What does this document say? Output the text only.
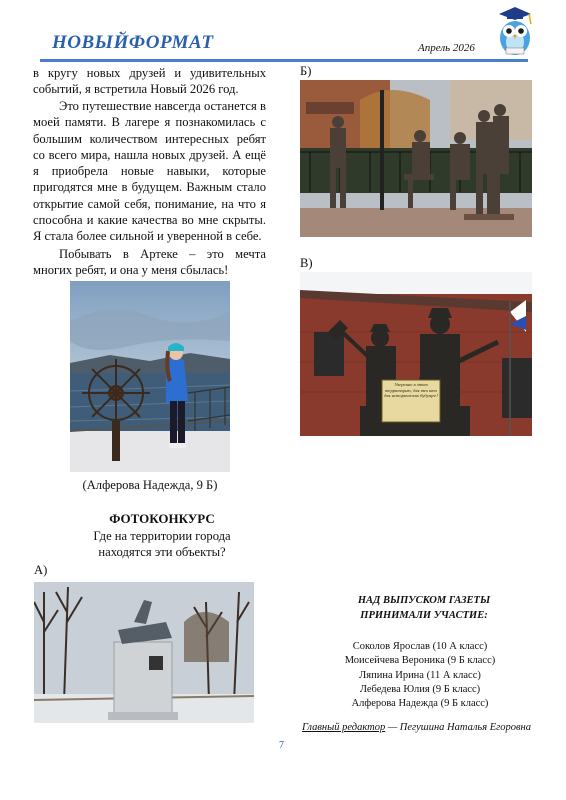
НОВЫЙФОРМАТ	Апрель 2026
в кругу новых друзей и удивительных событий, я встретила Новый 2026 год.
Это путешествие навсегда останется в моей памяти. В лагере я познакомилась с большим количеством интересных ребят со всего мира, нашла новых друзей. А ещё я приобрела новые навыки, которые пригодятся мне в будущем. Важным стало открытие самой себя, понимание, на что я способна и какие качества во мне скрыты. Я стала более сильной и уверенной в себе.
Побывать в Артеке – это мечта многих ребят, и она у меня сбылась!
(Алферова Надежда, 9 Б)
ФОТОКОНКУРС
Где на территории города находятся эти объекты?
А)
Б)
В)
Уверенно в этот территорию, для тех кто для исторических будущее!
НАД ВЫПУСКОМ ГАЗЕТЫ ПРИНИМАЛИ УЧАСТИЕ:
Соколов Ярослав (10 А класс)
Моисейчева Вероника (9 Б класс)
Ляпина Ирина (11 А класс)
Лебедева Юлия (9 Б класс)
Алферова Надежда (9 Б класс)
Главный редактор — Пегушина Наталья Егоровна
7
